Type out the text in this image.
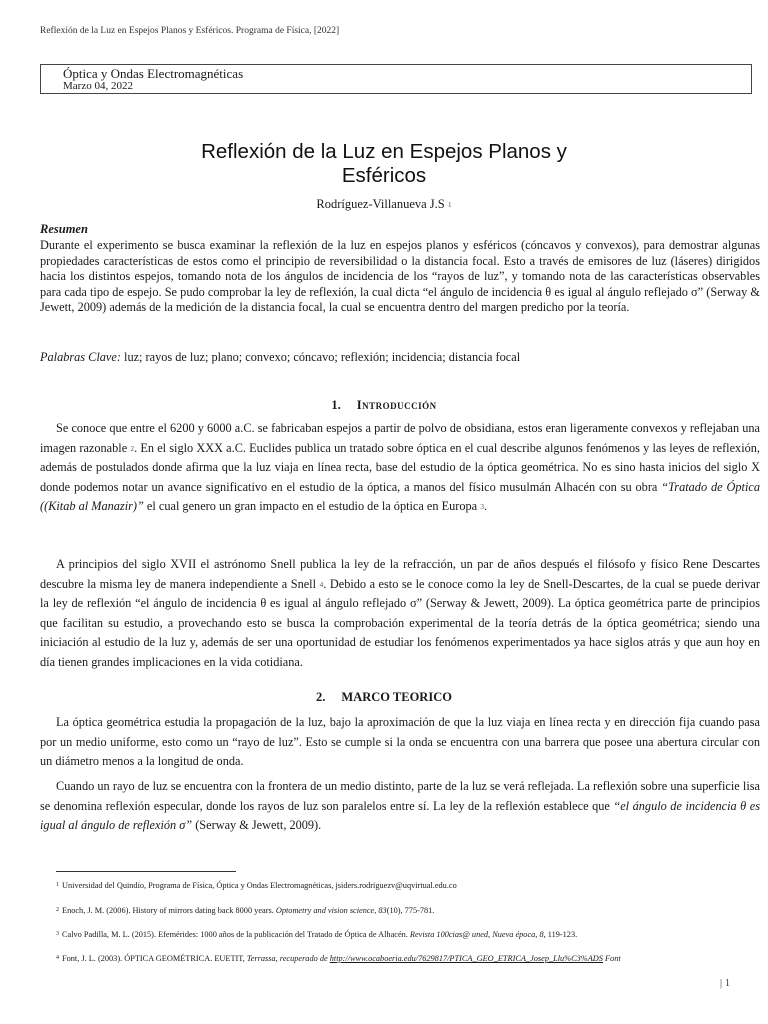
Reflexión de la Luz en Espejos Planos y Esféricos. Programa de Física, [2022]
Óptica y Ondas Electromagnéticas
Marzo 04, 2022
Reflexión de la Luz en Espejos Planos y
Esféricos
Rodríguez-Villanueva J.S 1
Resumen
Durante el experimento se busca examinar la reflexión de la luz en espejos planos y esféricos (cóncavos y convexos), para demostrar algunas propiedades características de estos como el principio de reversibilidad o la distancia focal. Esto a través de emisores de luz (láseres) dirigidos hacia los distintos espejos, tomando nota de los ángulos de incidencia de los “rayos de luz”, y tomando nota de las características observables para cada tipo de espejo. Se pudo comprobar la ley de reflexión, la cual dicta “el ángulo de incidencia θ es igual al ángulo reflejado σ” (Serway & Jewett, 2009) además de la medición de la distancia focal, la cual se encuentra dentro del margen predicho por la teoría.
Palabras Clave: luz; rayos de luz; plano; convexo; cóncavo; reflexión; incidencia; distancia focal
1. Introducción
Se conoce que entre el 6200 y 6000 a.C. se fabricaban espejos a partir de polvo de obsidiana, estos eran ligeramente convexos y reflejaban una imagen razonable 2. En el siglo XXX a.C. Euclides publica un tratado sobre óptica en el cual describe algunos fenómenos y las leyes de reflexión, además de postulados donde afirma que la luz viaja en línea recta, base del estudio de la óptica geométrica. No es sino hasta inicios del siglo X donde podemos notar un avance significativo en el estudio de la óptica, a manos del físico musulmán Alhacén con su obra “Tratado de Óptica ((Kitab al Manazir)” el cual genero un gran impacto en el estudio de la óptica en Europa 3.
A principios del siglo XVII el astrónomo Snell publica la ley de la refracción, un par de años después el filósofo y físico Rene Descartes descubre la misma ley de manera independiente a Snell 4. Debido a esto se le conoce como la ley de Snell-Descartes, de la cual se puede derivar la ley de reflexión “el ángulo de incidencia θ es igual al ángulo reflejado σ” (Serway & Jewett, 2009). La óptica geométrica parte de principios que facilitan su estudio, a provechando esto se busca la comprobación experimental de la teoría detrás de la óptica geométrica; siendo una iniciación al estudio de la luz y, además de ser una oportunidad de estudiar los fenómenos experimentados ya hace siglos atrás y que aun hoy en día tienen grandes implicaciones en la vida cotidiana.
2. MARCO TEORICO
La óptica geométrica estudia la propagación de la luz, bajo la aproximación de que la luz viaja en línea recta y en dirección fija cuando pasa por un medio uniforme, esto como un “rayo de luz”. Esto se cumple si la onda se encuentra con una barrera que posee una abertura circular con un diámetro menos a la longitud de onda.
Cuando un rayo de luz se encuentra con la frontera de un medio distinto, parte de la luz se verá reflejada. La reflexión sobre una superficie lisa se denomina reflexión especular, donde los rayos de luz son paralelos entre sí. La ley de la reflexión establece que “el ángulo de incidencia θ es igual al ángulo de reflexión σ” (Serway & Jewett, 2009).
$^1$ Universidad del Quindío, Programa de Física, Óptica y Ondas Electromagnéticas, jsiders.rodriguezv@uqvirtual.edu.co
$^2$ Enoch, J. M. (2006). History of mirrors dating back 8000 years. Optometry and vision science, 83(10), 775-781.
$^3$ Calvo Padilla, M. L. (2015). Efemérides: 1000 años de la publicación del Tratado de Óptica de Alhacén. Revista 100cias@ uned, Nueva época, 8, 119-123.
$^4$ Font, J. L. (2003). ÓPTICA GEOMÉTRICA. EUETIT, Terrassa, recuperado de http://www.ocaboeria.edu/7629817/PTICA_GEO_ETRICA_Josep_Llu%C3%ADS Font
| 1
